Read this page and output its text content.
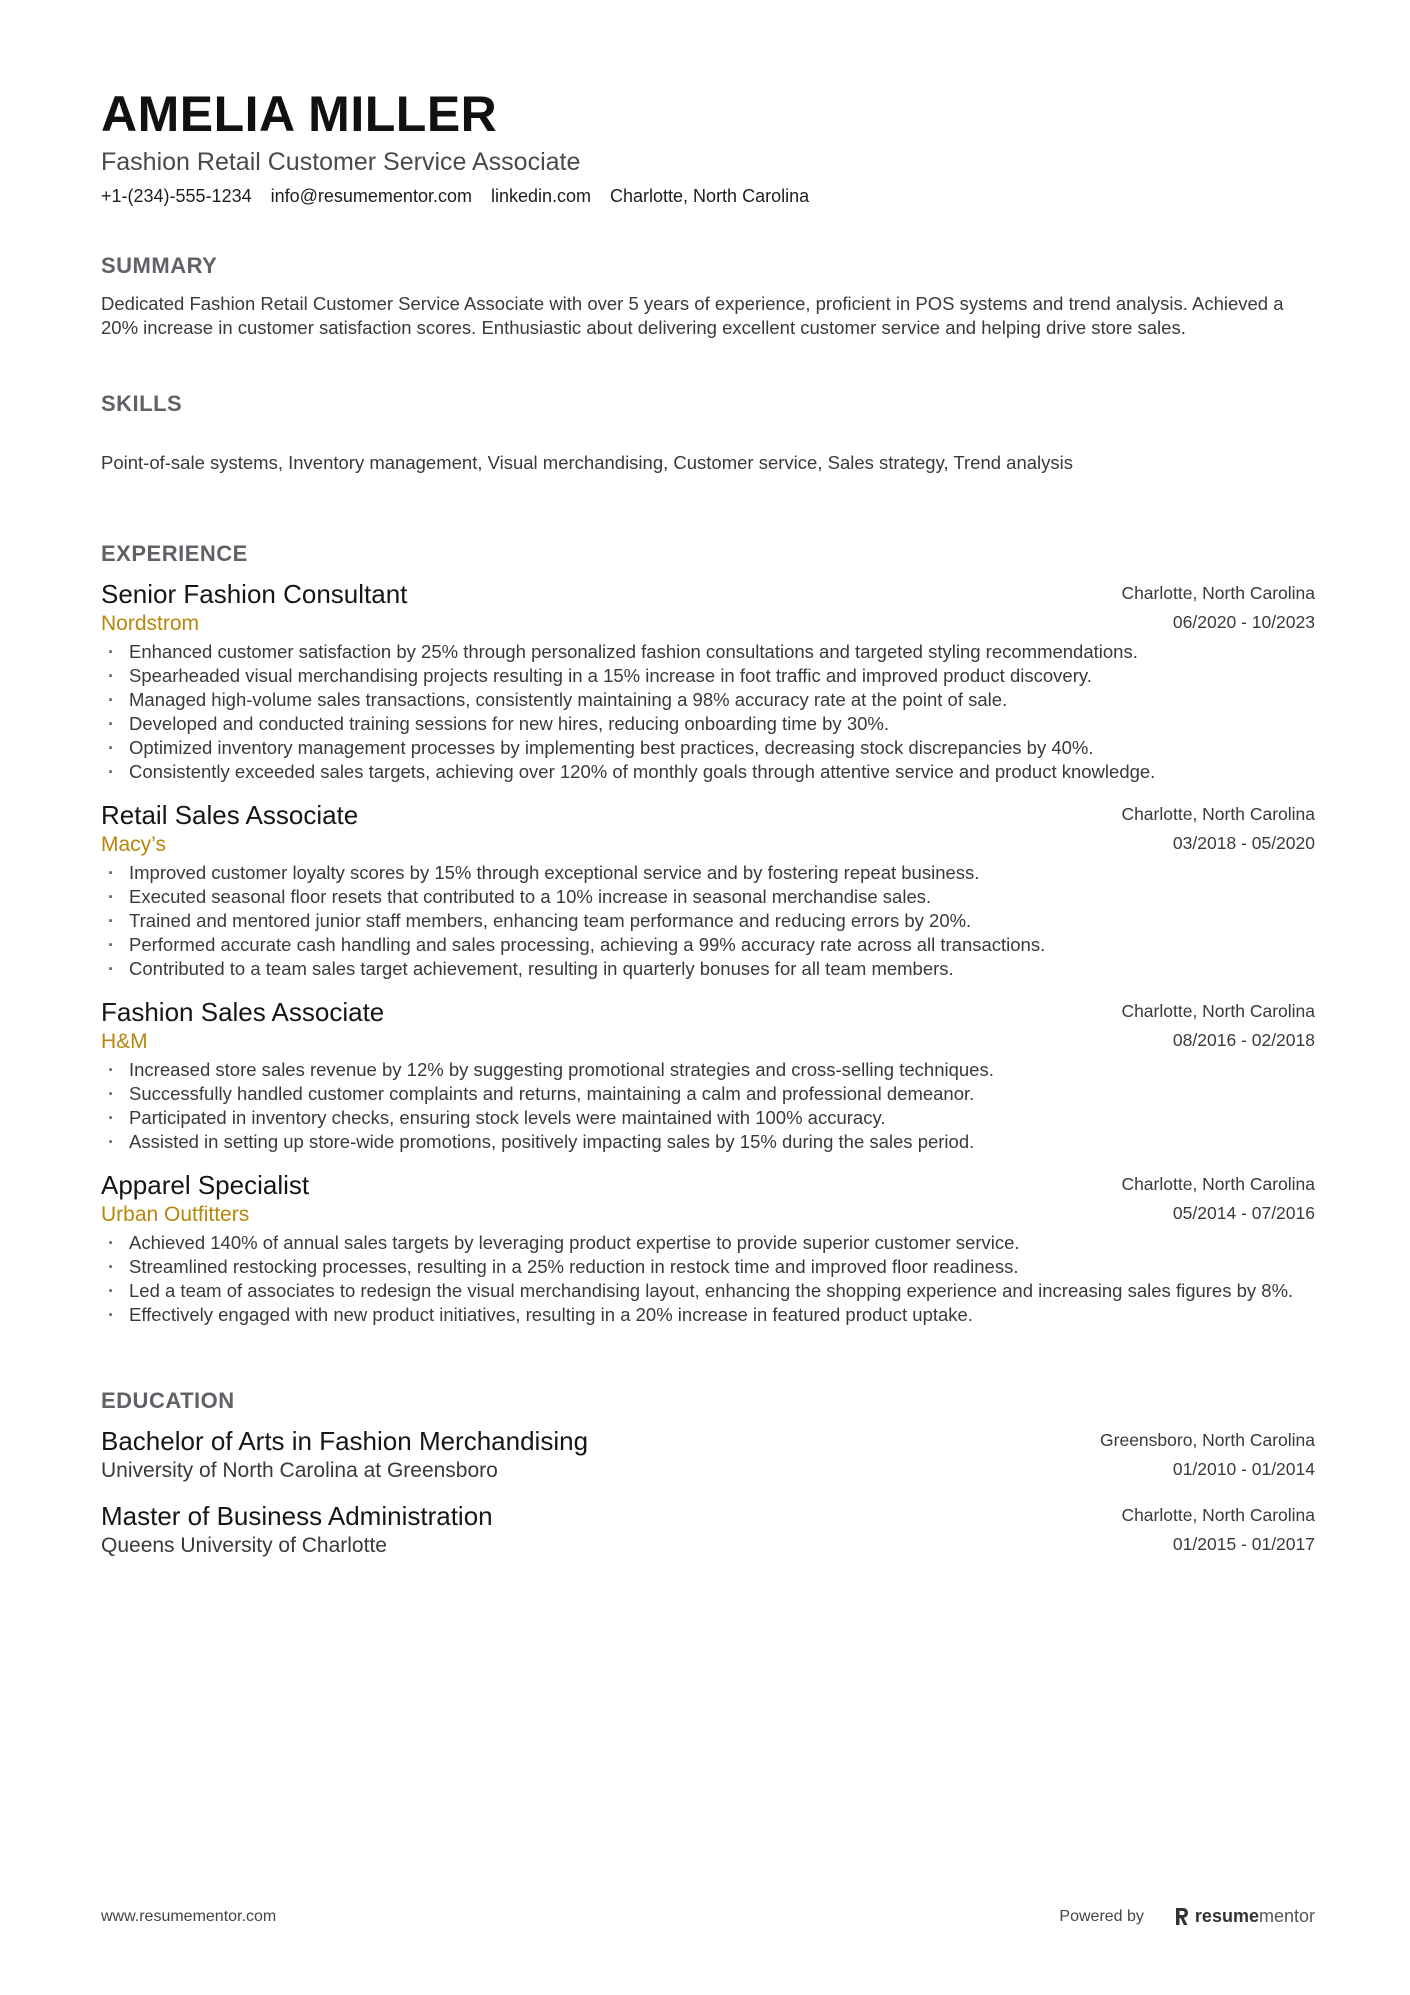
AMELIA MILLER
Fashion Retail Customer Service Associate
+1-(234)-555-1234 info@resumementor.com linkedin.com Charlotte, North Carolina
SUMMARY
Dedicated Fashion Retail Customer Service Associate with over 5 years of experience, proficient in POS systems and trend analysis. Achieved a 20% increase in customer satisfaction scores. Enthusiastic about delivering excellent customer service and helping drive store sales.
SKILLS
Point-of-sale systems, Inventory management, Visual merchandising, Customer service, Sales strategy, Trend analysis
EXPERIENCE
Senior Fashion Consultant
Nordstrom
Charlotte, North Carolina
06/2020 - 10/2023
· Enhanced customer satisfaction by 25% through personalized fashion consultations and targeted styling recommendations.
· Spearheaded visual merchandising projects resulting in a 15% increase in foot traffic and improved product discovery.
· Managed high-volume sales transactions, consistently maintaining a 98% accuracy rate at the point of sale.
· Developed and conducted training sessions for new hires, reducing onboarding time by 30%.
· Optimized inventory management processes by implementing best practices, decreasing stock discrepancies by 40%.
· Consistently exceeded sales targets, achieving over 120% of monthly goals through attentive service and product knowledge.
Retail Sales Associate
Macy’s
Charlotte, North Carolina
03/2018 - 05/2020
· Improved customer loyalty scores by 15% through exceptional service and by fostering repeat business.
· Executed seasonal floor resets that contributed to a 10% increase in seasonal merchandise sales.
· Trained and mentored junior staff members, enhancing team performance and reducing errors by 20%.
· Performed accurate cash handling and sales processing, achieving a 99% accuracy rate across all transactions.
· Contributed to a team sales target achievement, resulting in quarterly bonuses for all team members.
Fashion Sales Associate
H&M
Charlotte, North Carolina
08/2016 - 02/2018
· Increased store sales revenue by 12% by suggesting promotional strategies and cross-selling techniques.
· Successfully handled customer complaints and returns, maintaining a calm and professional demeanor.
· Participated in inventory checks, ensuring stock levels were maintained with 100% accuracy.
· Assisted in setting up store-wide promotions, positively impacting sales by 15% during the sales period.
Apparel Specialist
Urban Outfitters
Charlotte, North Carolina
05/2014 - 07/2016
· Achieved 140% of annual sales targets by leveraging product expertise to provide superior customer service.
· Streamlined restocking processes, resulting in a 25% reduction in restock time and improved floor readiness.
· Led a team of associates to redesign the visual merchandising layout, enhancing the shopping experience and increasing sales figures by 8%.
· Effectively engaged with new product initiatives, resulting in a 20% increase in featured product uptake.
EDUCATION
Bachelor of Arts in Fashion Merchandising
University of North Carolina at Greensboro
Greensboro, North Carolina
01/2010 - 01/2014
Master of Business Administration
Queens University of Charlotte
Charlotte, North Carolina
01/2015 - 01/2017
www.resumementor.com	Powered by	resumementor
